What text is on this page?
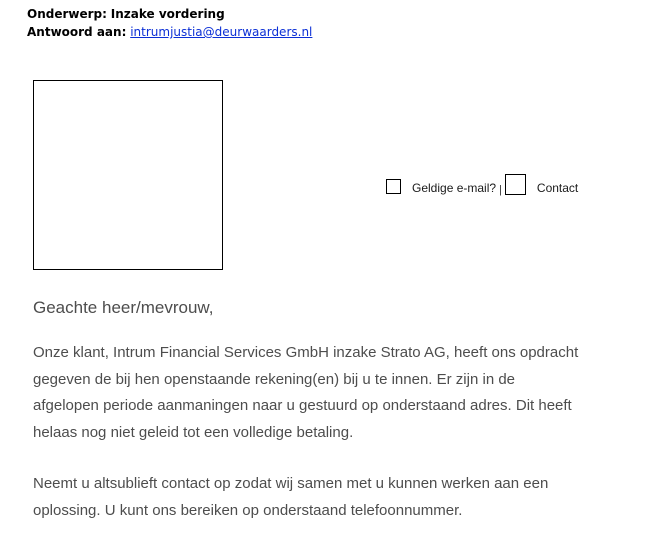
Onderwerp: Inzake vordering
Antwoord aan: intrumjustia@deurwaarders.nl
Geldige e-mail? |	Contact
Geachte heer/mevrouw,
Onze klant, Intrum Financial Services GmbH inzake Strato AG, heeft ons opdracht
gegeven de bij hen openstaande rekening(en) bij u te innen. Er zijn in de
afgelopen periode aanmaningen naar u gestuurd op onderstaand adres. Dit heeft
helaas nog niet geleid tot een volledige betaling.
Neemt u altsublieft contact op zodat wij samen met u kunnen werken aan een
oplossing. U kunt ons bereiken op onderstaand telefoonnummer.
